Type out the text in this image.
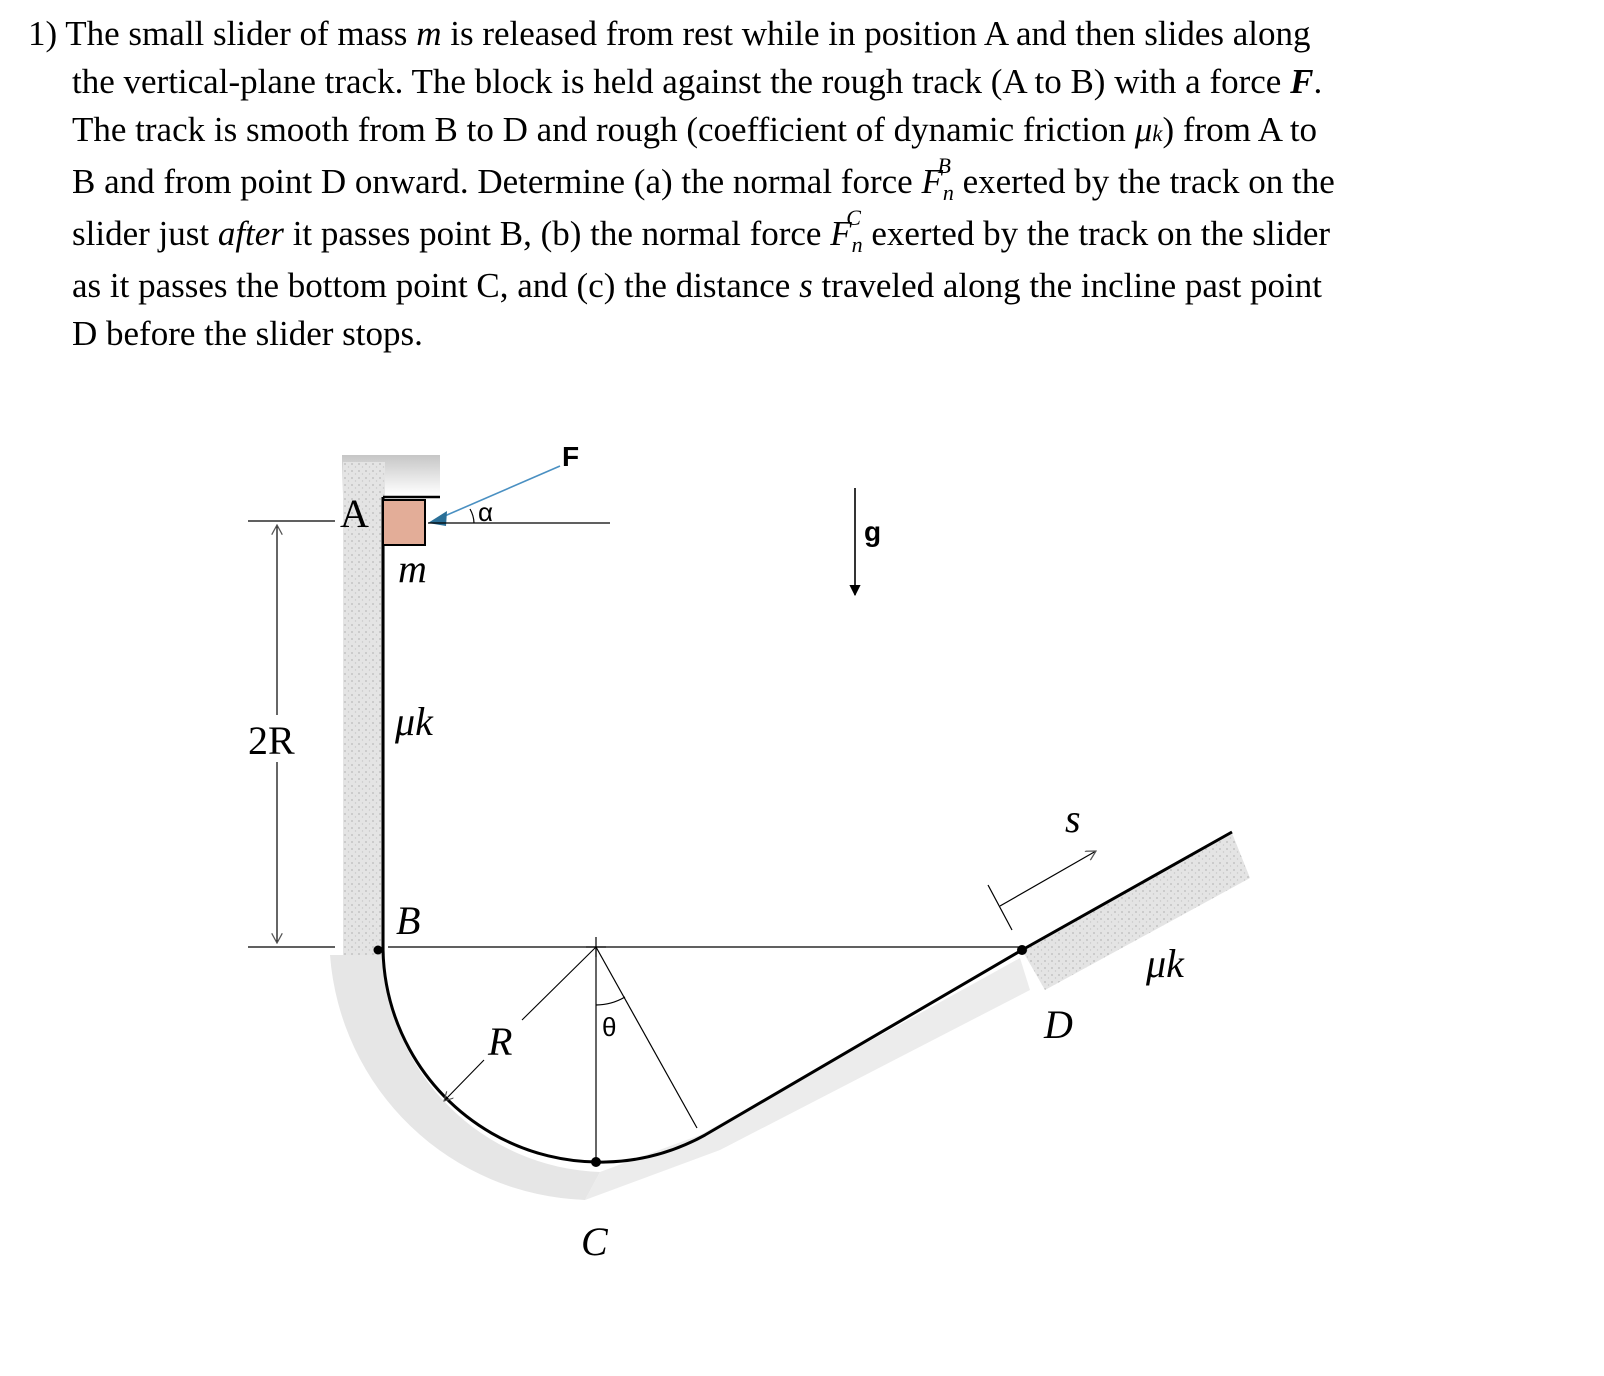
1) The small slider of mass m is released from rest while in position A and then slides along
the vertical-plane track. The block is held against the rough track (A to B) with a force F.
The track is smooth from B to D and rough (coefficient of dynamic friction μk) from A to
B and from point D onward. Determine (a) the normal force F
B
$_n$ exerted by the track on the
slider just after it passes point B, (b) the normal force F
C
$_n$ exerted by the track on the slider
as it passes the bottom point C, and (c) the distance s traveled along the incline past point
D before the slider stops.
A
m
α
F
g
2R	μk
B
R	θ
C
D
s
μk
